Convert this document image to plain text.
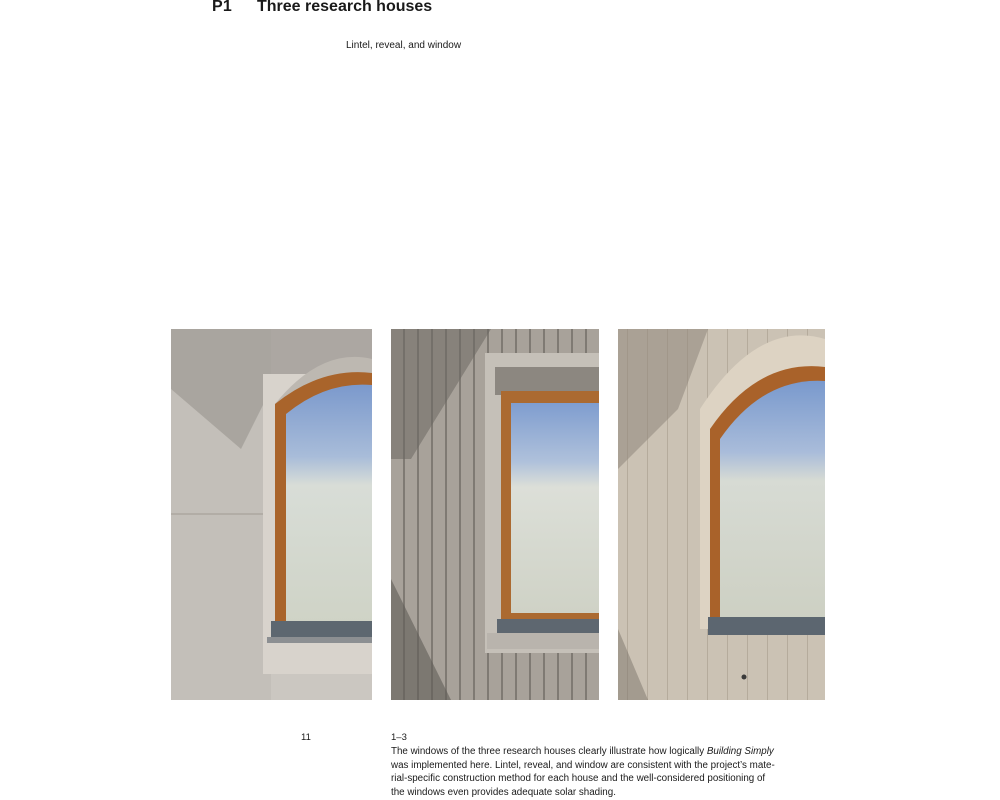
P1 Three research houses
Lintel, reveal, and window
11	1–3
The windows of the three research houses clearly illustrate how logically Building Simply
was implemented here. Lintel, reveal, and window are consistent with the project’s mate-
rial-specific construction method for each house and the well-considered positioning of
the windows even provides adequate solar shading.
